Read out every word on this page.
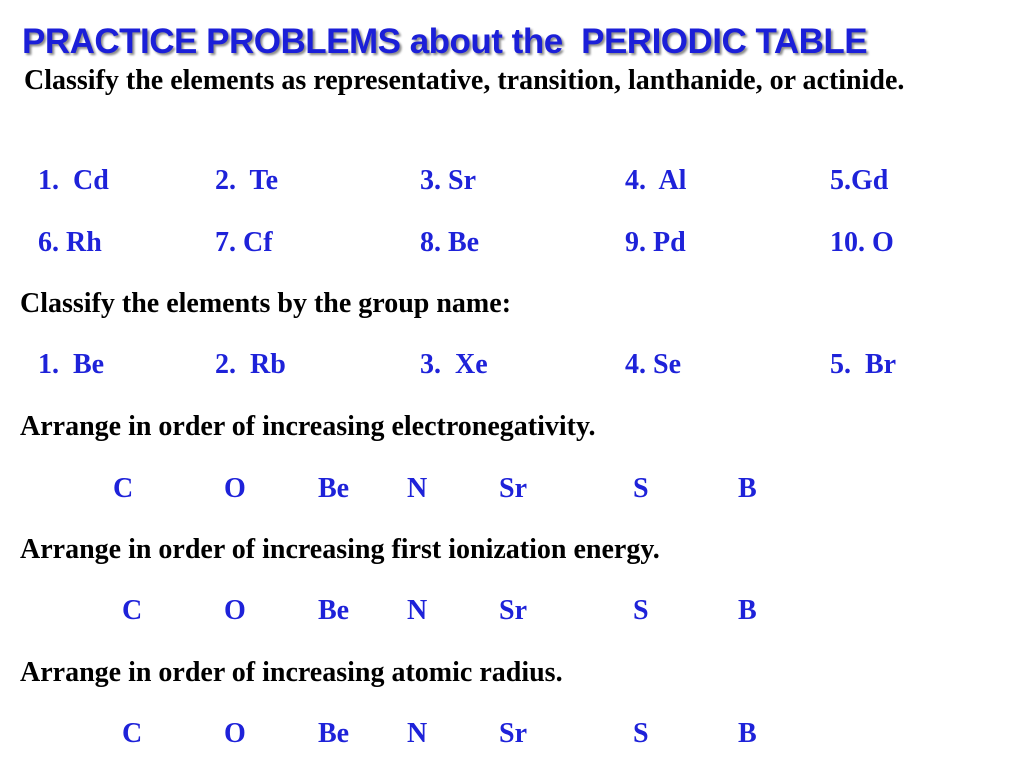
PRACTICE PROBLEMS about the  PERIODIC TABLE
Classify the elements as representative, transition, lanthanide, or actinide.
1.  Cd	2.  Te	3. Sr	4.  Al	5.Gd
6. Rh	7. Cf	8. Be	9. Pd	10. O
Classify the elements by the group name:
1.  Be	2.  Rb	3.  Xe	4. Se	5.  Br
Arrange in order of increasing electronegativity.
C	O	Be N	Sr	S	B
Arrange in order of increasing first ionization energy.
C	O	Be N	Sr	S	B
Arrange in order of increasing atomic radius.
C	O	Be N	Sr	S	B
